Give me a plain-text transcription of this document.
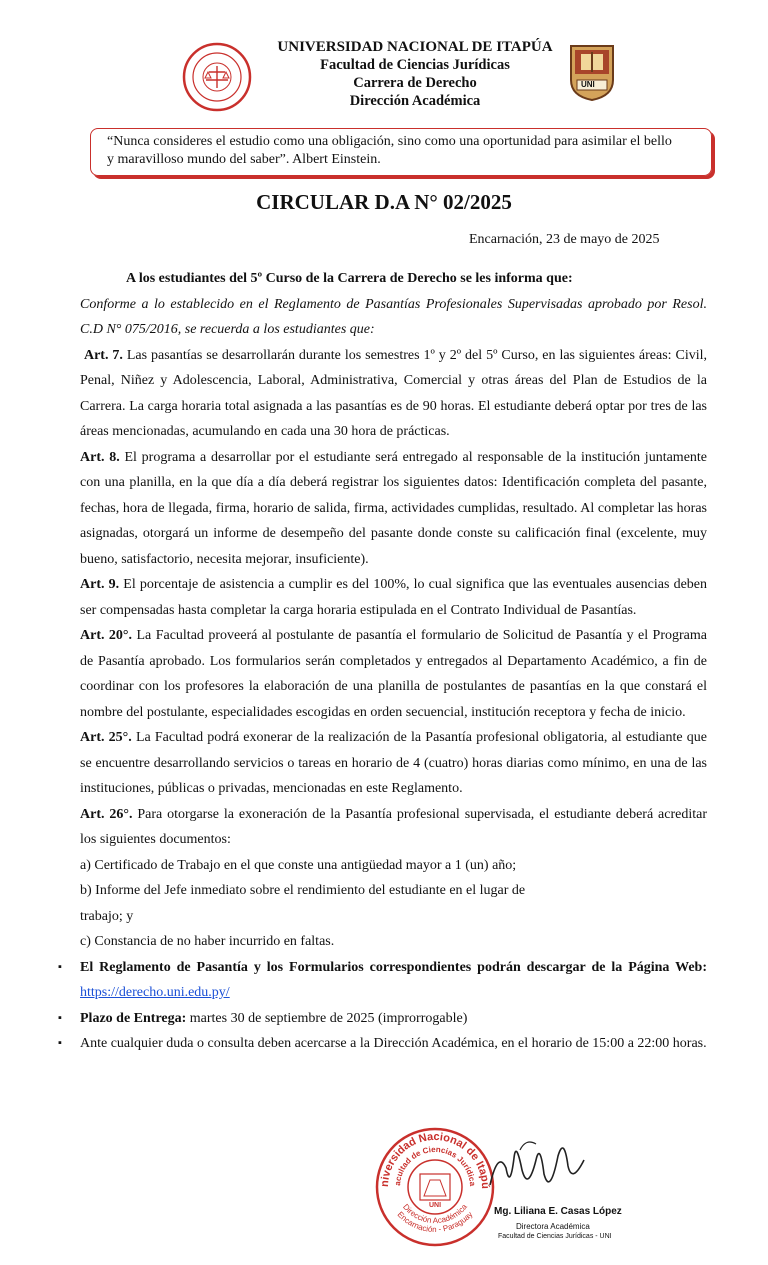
UNIVERSIDAD NACIONAL DE ITAPÚA
Facultad de Ciencias Jurídicas
Carrera de Derecho
Dirección Académica
UNI
“Nunca consideres el estudio como una obligación, sino como una oportunidad para asimilar el bello
y maravilloso mundo del saber”. Albert Einstein.
CIRCULAR D.A N° 02/2025
Encarnación, 23 de mayo de 2025

A los estudiantes del 5º Curso de la Carrera de Derecho se les informa que:

Conforme a lo establecido en el Reglamento de Pasantías Profesionales Supervisadas aprobado por Resol. C.D N° 075/2016, se recuerda a los estudiantes que:

Art. 7. Las pasantías se desarrollarán durante los semestres 1º y 2º del 5º Curso, en las siguientes áreas: Civil, Penal, Niñez y Adolescencia, Laboral, Administrativa, Comercial y otras áreas del Plan de Estudios de la Carrera. La carga horaria total asignada a las pasantías es de 90 horas. El estudiante deberá optar por tres de las áreas mencionadas, acumulando en cada una 30 hora de prácticas.

Art. 8. El programa a desarrollar por el estudiante será entregado al responsable de la institución juntamente con una planilla, en la que día a día deberá registrar los siguientes datos: Identificación completa del pasante, fechas, hora de llegada, firma, horario de salida, firma, actividades cumplidas, resultado. Al completar las horas asignadas, otorgará un informe de desempeño del pasante donde conste su calificación final (excelente, muy bueno, satisfactorio, necesita mejorar, insuficiente).

Art. 9. El porcentaje de asistencia a cumplir es del 100%, lo cual significa que las eventuales ausencias deben ser compensadas hasta completar la carga horaria estipulada en el Contrato Individual de Pasantías.

Art. 20°. La Facultad proveerá al postulante de pasantía el formulario de Solicitud de Pasantía y el Programa de Pasantía aprobado. Los formularios serán completados y entregados al Departamento Académico, a fin de coordinar con los profesores la elaboración de una planilla de postulantes de pasantías en la que constará el nombre del postulante, especialidades escogidas en orden secuencial, institución receptora y fecha de inicio.

Art. 25°. La Facultad podrá exonerar de la realización de la Pasantía profesional obligatoria, al estudiante que se encuentre desarrollando servicios o tareas en horario de 4 (cuatro) horas diarias como mínimo, en una de las instituciones, públicas o privadas, mencionadas en este Reglamento.

Art. 26°. Para otorgarse la exoneración de la Pasantía profesional supervisada, el estudiante deberá acreditar los siguientes documentos:

a) Certificado de Trabajo en el que conste una antigüedad mayor a 1 (un) año;

b) Informe del Jefe inmediato sobre el rendimiento del estudiante en el lugar de

trabajo; y

c) Constancia de no haber incurrido en faltas.

▪ El Reglamento de Pasantía y los Formularios correspondientes podrán descargar de la Página Web: https://derecho.uni.edu.py/

▪ Plazo de Entrega: martes 30 de septiembre de 2025 (improrrogable)

▪ Ante cualquier duda o consulta deben acercarse a la Dirección Académica, en el horario de 15:00 a 22:00 horas.

niversidad Nacional de Itapú
acultad de Ciencias Jurídica
Dirección Académica
Encarnación - Paraguay
UNI
Mg. Liliana E. Casas López
Directora Académica
Facultad de Ciencias Jurídicas - UNI
